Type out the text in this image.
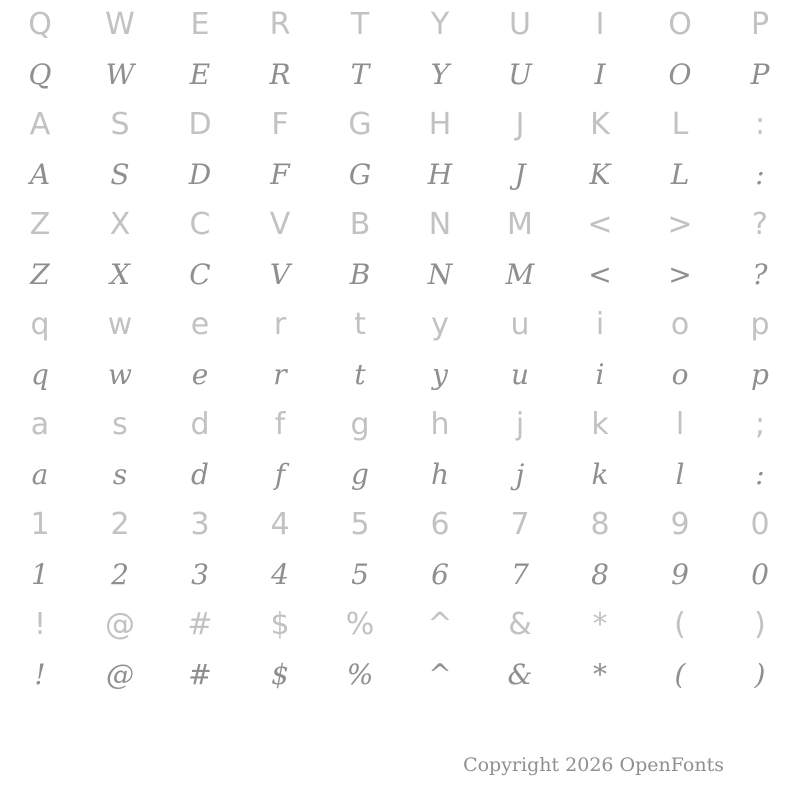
Q	W	E	R	T	Y	U	I	O	P
Q	W	E	R	T	Y	U	I	O	P
A	S	D	F	G	H	J	K	L	:
A	S	D	F	G	H	J	K	L	:
Z	X	C	V	B	N	M	<	>	?
Z	X	C	V	B	N	M	<	>	?
q	w	e	r	t	y	u	i	o	p
q	w	e	r	t	y	u	i	o	p
a	s	d	f	g	h	j	k	l	;
a	s	d	f	g	h	j	k	l	:
1	2	3	4	5	6	7	8	9	0
1	2	3	4	5	6	7	8	9	0
!	@	#	$	%	^	&	*	(	)
!	@	#	$	%	^	&	*	(	)
Copyright 2026 OpenFonts
